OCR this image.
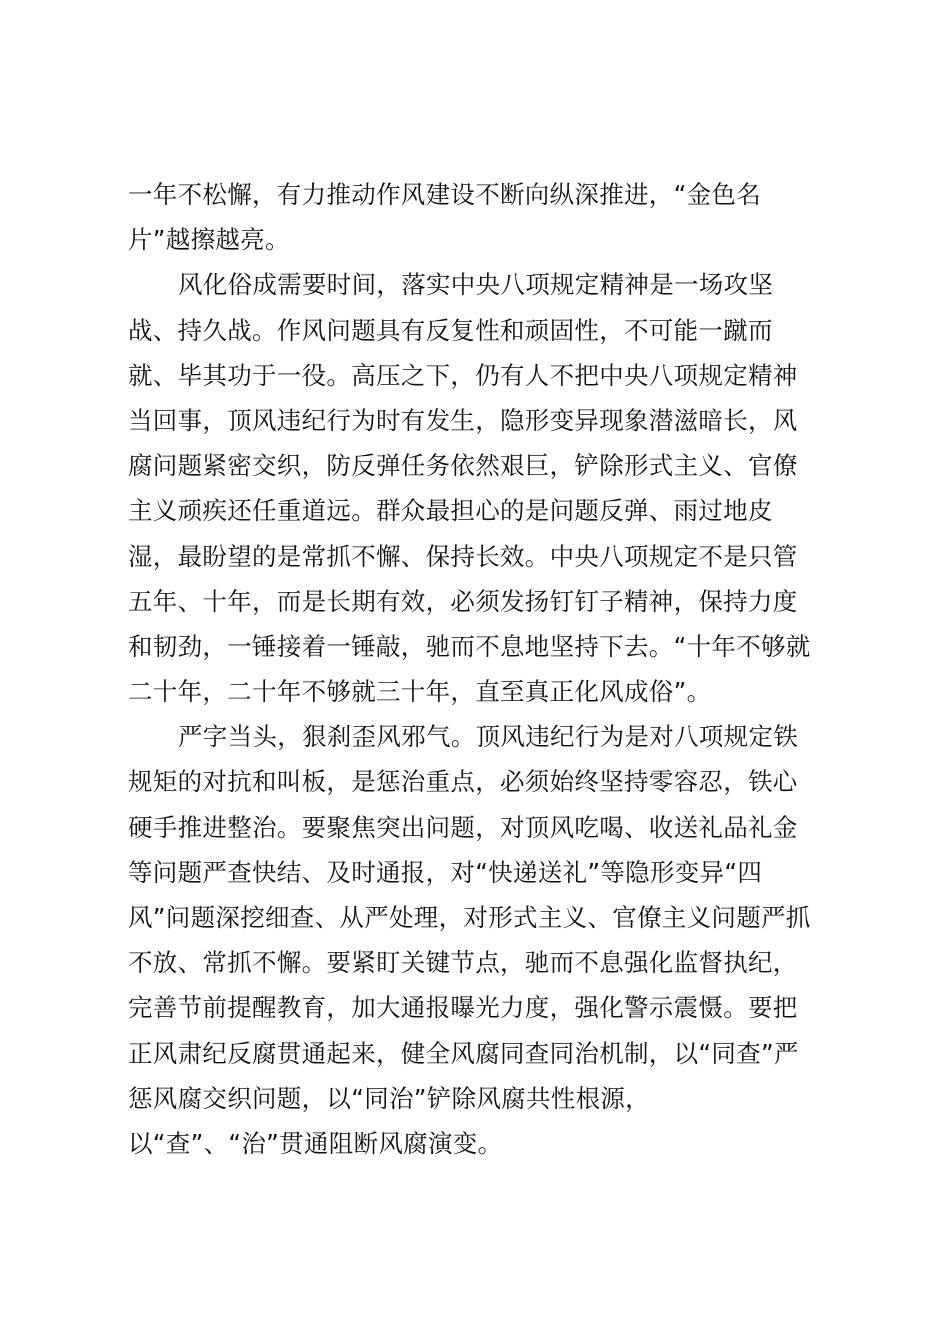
一年不松懈，有力推动作风建设不断向纵深推进，“金色名
片”越擦越亮。
风化俗成需要时间，落实中央八项规定精神是一场攻坚
战、持久战。作风问题具有反复性和顽固性，不可能一蹴而
就、毕其功于一役。高压之下，仍有人不把中央八项规定精神
当回事，顶风违纪行为时有发生，隐形变异现象潜滋暗长，风
腐问题紧密交织，防反弹任务依然艰巨，铲除形式主义、官僚
主义顽疾还任重道远。群众最担心的是问题反弹、雨过地皮
湿，最盼望的是常抓不懈、保持长效。中央八项规定不是只管
五年、十年，而是长期有效，必须发扬钉钉子精神，保持力度
和韧劲，一锤接着一锤敲，驰而不息地坚持下去。“十年不够就
二十年，二十年不够就三十年，直至真正化风成俗”。
严字当头，狠刹歪风邪气。顶风违纪行为是对八项规定铁
规矩的对抗和叫板，是惩治重点，必须始终坚持零容忍，铁心
硬手推进整治。要聚焦突出问题，对顶风吃喝、收送礼品礼金
等问题严查快结、及时通报，对“快递送礼”等隐形变异“四
风”问题深挖细查、从严处理，对形式主义、官僚主义问题严抓
不放、常抓不懈。要紧盯关键节点，驰而不息强化监督执纪，
完善节前提醒教育，加大通报曝光力度，强化警示震慑。要把
正风肃纪反腐贯通起来，健全风腐同查同治机制，以“同查”严
惩风腐交织问题，以“同治”铲除风腐共性根源，
以“查”、“治”贯通阻断风腐演变。
